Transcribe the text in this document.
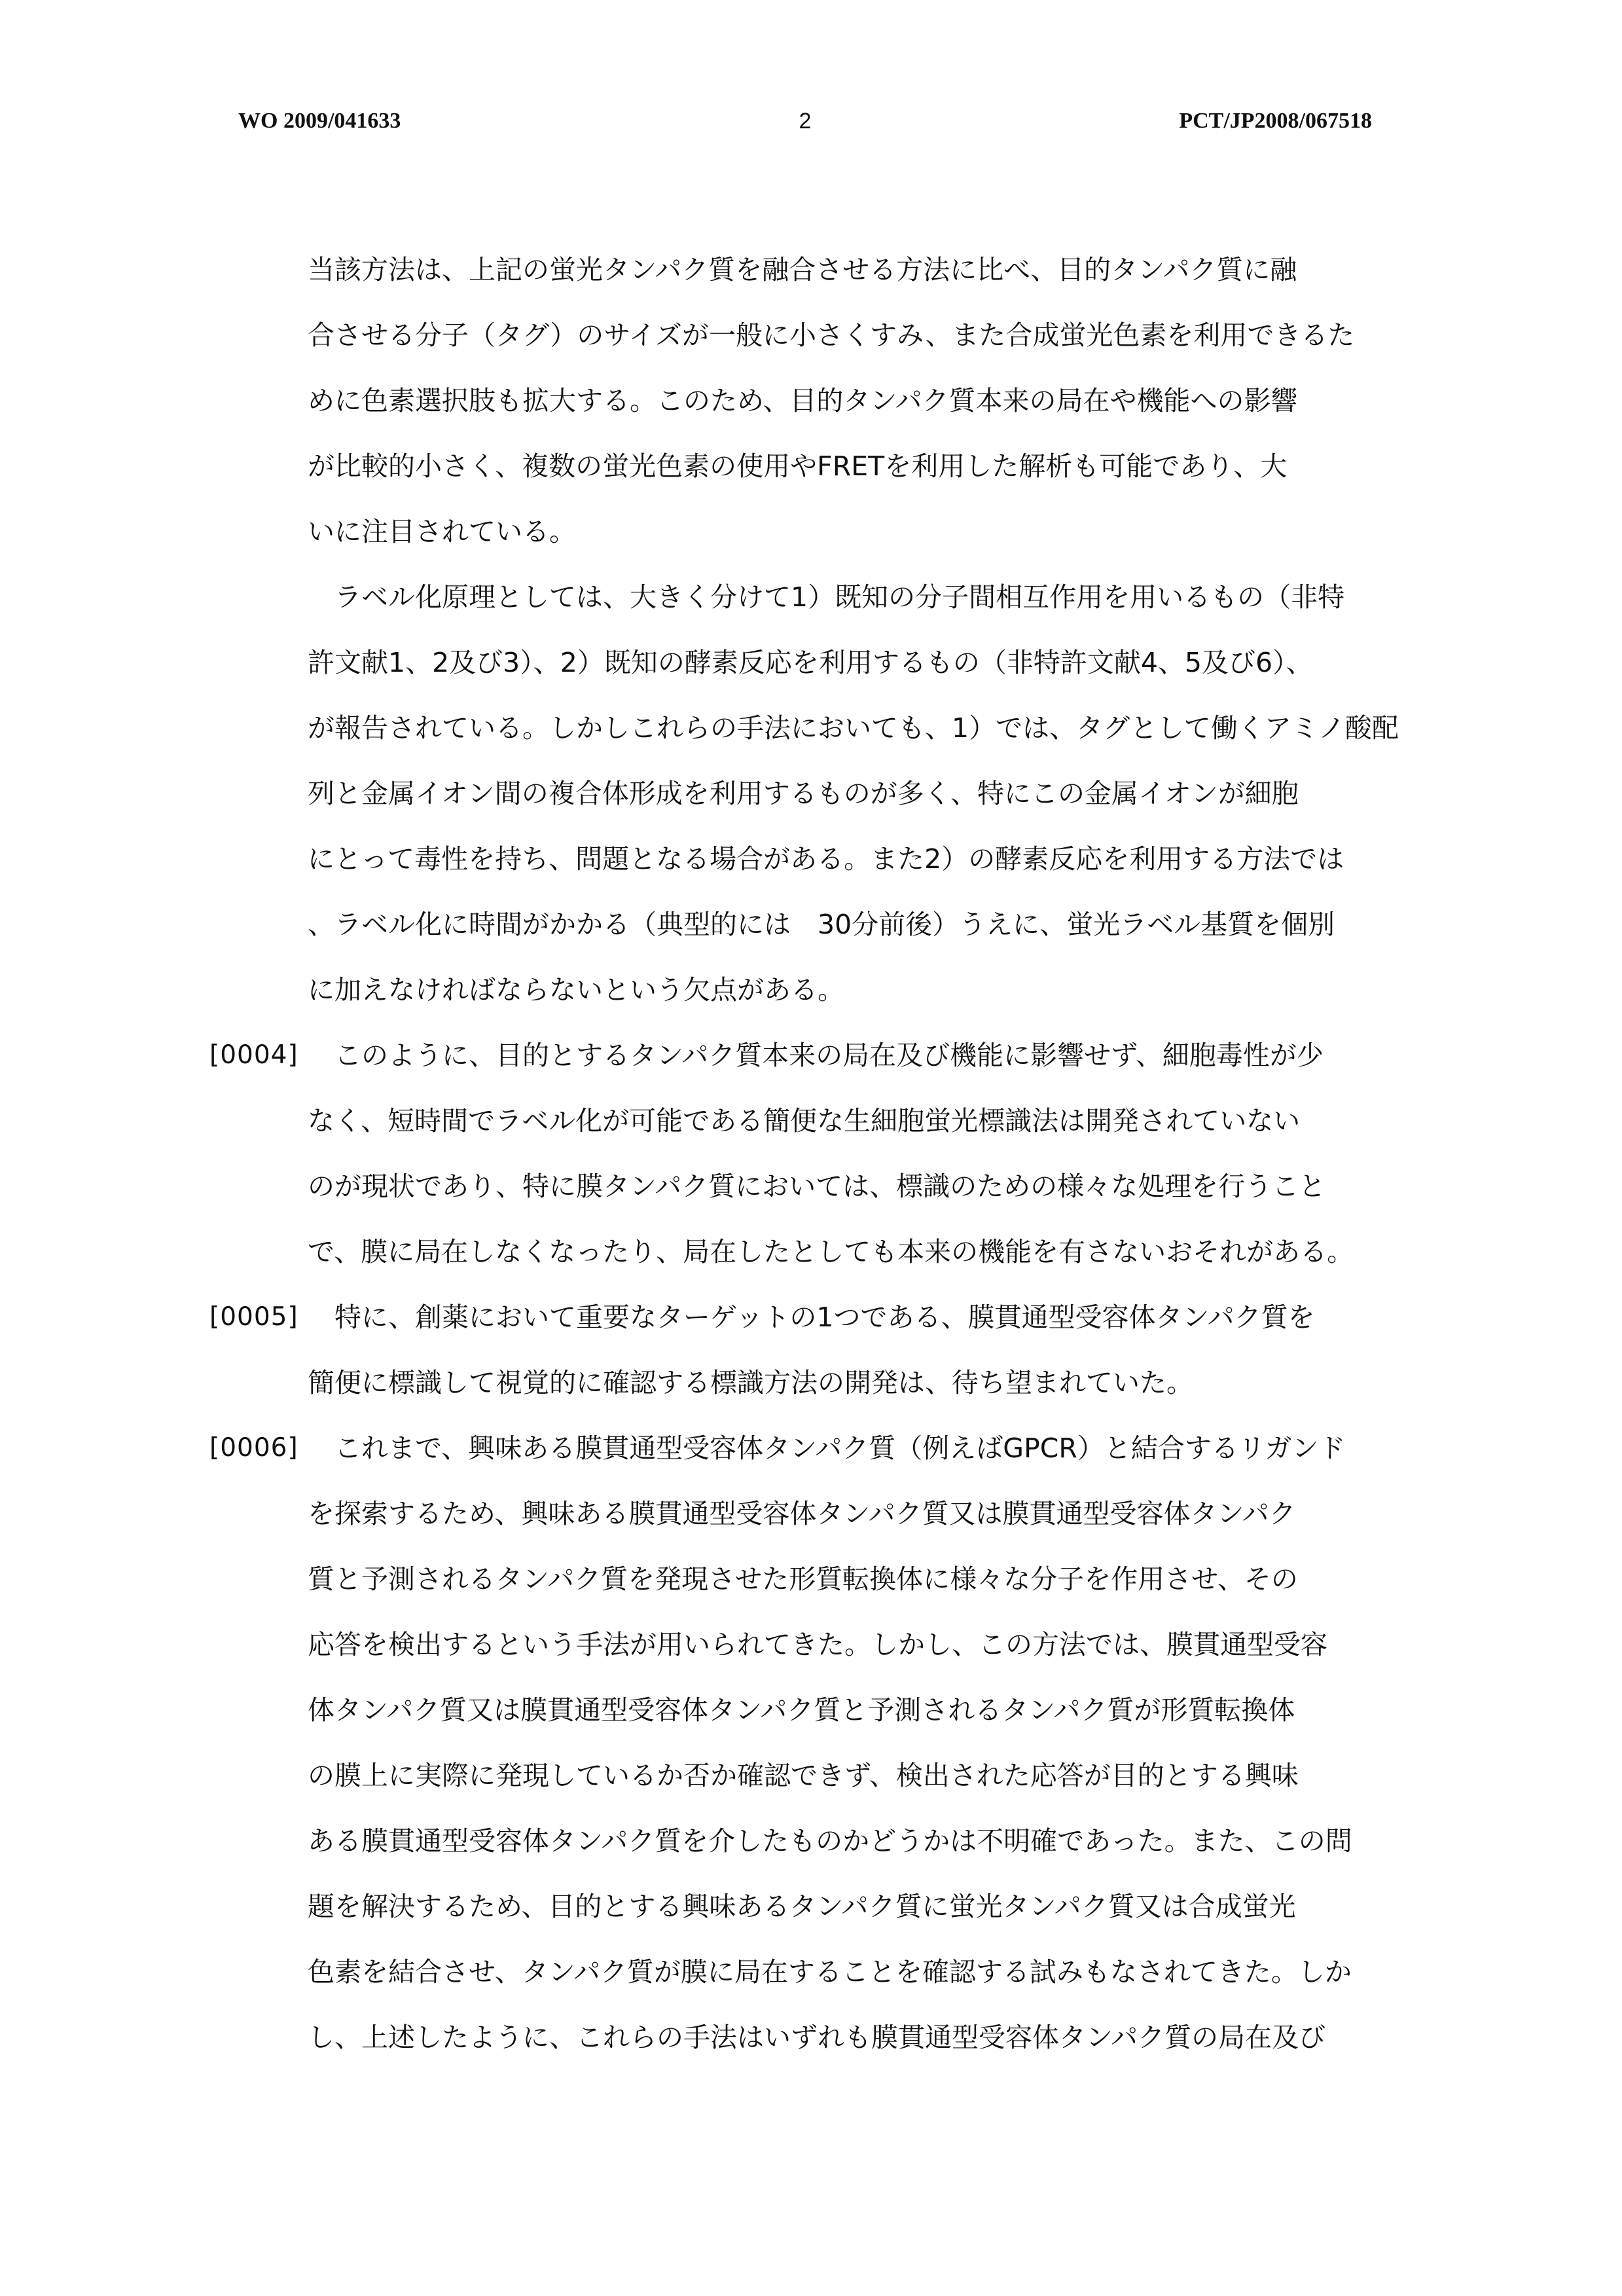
WO 2009/041633	2	PCT/JP2008/067518

当該方法は、上記の蛍光タンパク質を融合させる方法に比べ、目的タンパク質に融
合させる分子（タグ）のサイズが一般に小さくすみ、また合成蛍光色素を利用できるた
めに色素選択肢も拡大する。このため、目的タンパク質本来の局在や機能への影響
が比較的小さく、複数の蛍光色素の使用やFRETを利用した解析も可能であり、大
いに注目されている。

　ラベル化原理としては、大きく分けて1）既知の分子間相互作用を用いるもの（非特
許文献1、2及び3）、2）既知の酵素反応を利用するもの（非特許文献4、5及び6）、
が報告されている。しかしこれらの手法においても、1）では、タグとして働くアミノ酸配
列と金属イオン間の複合体形成を利用するものが多く、特にこの金属イオンが細胞
にとって毒性を持ち、問題となる場合がある。また2）の酵素反応を利用する方法では
、ラベル化に時間がかかる（典型的には　30分前後）うえに、蛍光ラベル基質を個別
に加えなければならないという欠点がある。

[0004] 　このように、目的とするタンパク質本来の局在及び機能に影響せず、細胞毒性が少
なく、短時間でラベル化が可能である簡便な生細胞蛍光標識法は開発されていない
のが現状であり、特に膜タンパク質においては、標識のための様々な処理を行うこと
で、膜に局在しなくなったり、局在したとしても本来の機能を有さないおそれがある。

[0005] 　特に、創薬において重要なターゲットの1つである、膜貫通型受容体タンパク質を
簡便に標識して視覚的に確認する標識方法の開発は、待ち望まれていた。

[0006] 　これまで、興味ある膜貫通型受容体タンパク質（例えばGPCR）と結合するリガンド
を探索するため、興味ある膜貫通型受容体タンパク質又は膜貫通型受容体タンパク
質と予測されるタンパク質を発現させた形質転換体に様々な分子を作用させ、その
応答を検出するという手法が用いられてきた。しかし、この方法では、膜貫通型受容
体タンパク質又は膜貫通型受容体タンパク質と予測されるタンパク質が形質転換体
の膜上に実際に発現しているか否か確認できず、検出された応答が目的とする興味
ある膜貫通型受容体タンパク質を介したものかどうかは不明確であった。また、この問
題を解決するため、目的とする興味あるタンパク質に蛍光タンパク質又は合成蛍光
色素を結合させ、タンパク質が膜に局在することを確認する試みもなされてきた。しか
し、上述したように、これらの手法はいずれも膜貫通型受容体タンパク質の局在及び
